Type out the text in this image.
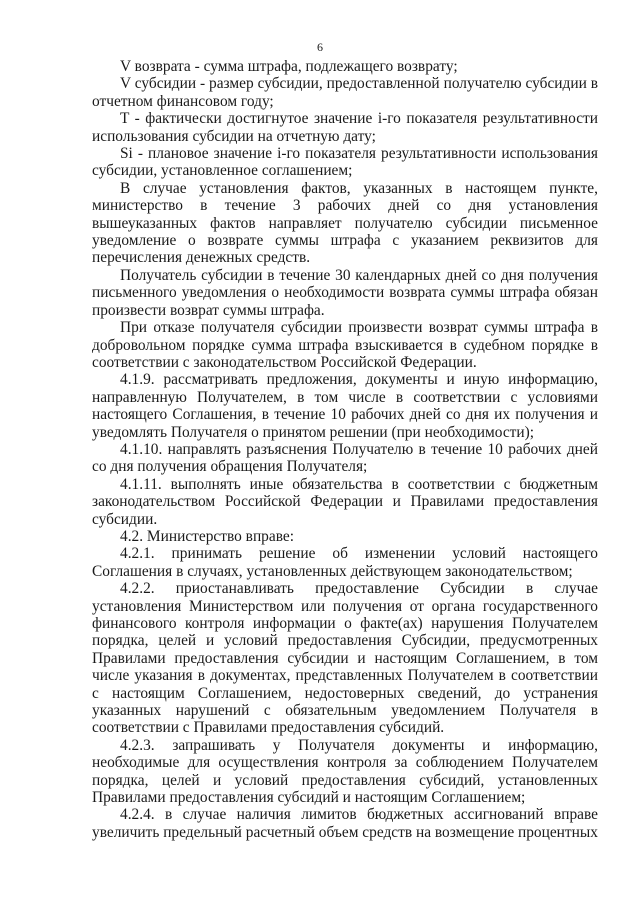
6

V возврата - сумма штрафа, подлежащего возврату;

V субсидии - размер субсидии, предоставленной получателю субсидии в отчетном финансовом году;

T - фактически достигнутое значение i-го показателя результативности использования субсидии на отчетную дату;

Si - плановое значение i-го показателя результативности использования субсидии, установленное соглашением;

В случае установления фактов, указанных в настоящем пункте, министерство в течение 3 рабочих дней со дня установления вышеуказанных фактов направляет получателю субсидии письменное уведомление о возврате суммы штрафа с указанием реквизитов для перечисления денежных средств.

Получатель субсидии в течение 30 календарных дней со дня получения письменного уведомления о необходимости возврата суммы штрафа обязан произвести возврат суммы штрафа.

При отказе получателя субсидии произвести возврат суммы штрафа в добровольном порядке сумма штрафа взыскивается в судебном порядке в соответствии с законодательством Российской Федерации.

4.1.9. рассматривать предложения, документы и иную информацию, направленную Получателем, в том числе в соответствии с условиями настоящего Соглашения, в течение 10 рабочих дней со дня их получения и уведомлять Получателя о принятом решении (при необходимости);

4.1.10. направлять разъяснения Получателю в течение 10 рабочих дней со дня получения обращения Получателя;

4.1.11. выполнять иные обязательства в соответствии с бюджетным законодательством Российской Федерации и Правилами предоставления субсидии.

4.2. Министерство вправе:

4.2.1. принимать решение об изменении условий настоящего Соглашения в случаях, установленных действующем законодательством;

4.2.2. приостанавливать предоставление Субсидии в случае установления Министерством или получения от органа государственного финансового контроля информации о факте(ах) нарушения Получателем порядка, целей и условий предоставления Субсидии, предусмотренных Правилами предоставления субсидии и настоящим Соглашением, в том числе указания в документах, представленных Получателем в соответствии с настоящим Соглашением, недостоверных сведений, до устранения указанных нарушений с обязательным уведомлением Получателя в соответствии с Правилами предоставления субсидий.

4.2.3. запрашивать у Получателя документы и информацию, необходимые для осуществления контроля за соблюдением Получателем порядка, целей и условий предоставления субсидий, установленных Правилами предоставления субсидий и настоящим Соглашением;

4.2.4. в случае наличия лимитов бюджетных ассигнований вправе увеличить предельный расчетный объем средств на возмещение процентных
